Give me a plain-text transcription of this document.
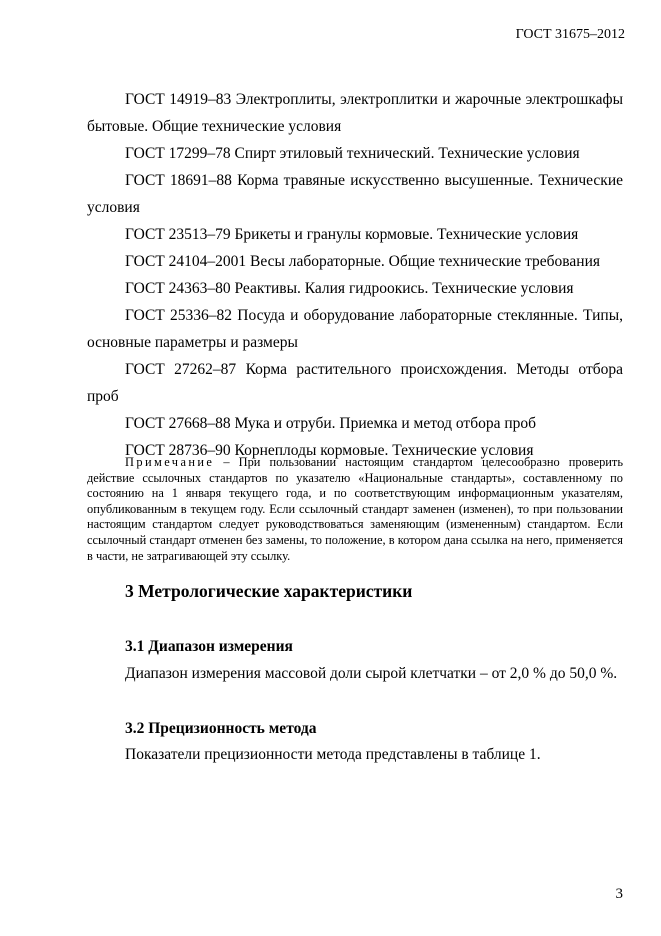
ГОСТ 31675–2012

ГОСТ 14919–83 Электроплиты, электроплитки и жарочные электрошкафы бытовые. Общие технические условия

ГОСТ 17299–78 Спирт этиловый технический. Технические условия

ГОСТ 18691–88 Корма травяные искусственно высушенные. Технические условия

ГОСТ 23513–79 Брикеты и гранулы кормовые. Технические условия

ГОСТ 24104–2001 Весы лабораторные. Общие технические требования

ГОСТ 24363–80 Реактивы. Калия гидроокись. Технические условия

ГОСТ 25336–82 Посуда и оборудование лабораторные стеклянные. Типы, основные параметры и размеры

ГОСТ 27262–87 Корма растительного происхождения. Методы отбора проб

ГОСТ 27668–88 Мука и отруби. Приемка и метод отбора проб

ГОСТ 28736–90 Корнеплоды кормовые. Технические условия

Примечание – При пользовании настоящим стандартом целесообразно проверить действие ссылочных стандартов по указателю «Национальные стандарты», составленному по состоянию на 1 января текущего года, и по соответствующим информационным указателям, опубликованным в текущем году. Если ссылочный стандарт заменен (изменен), то при пользовании настоящим стандартом следует руководствоваться заменяющим (измененным) стандартом. Если ссылочный стандарт отменен без замены, то положение, в котором дана ссылка на него, применяется в части, не затрагивающей эту ссылку.
3 Метрологические характеристики
3.1 Диапазон измерения

Диапазон измерения массовой доли сырой клетчатки – от 2,0 % до 50,0 %.

3.2 Прецизионность метода

Показатели прецизионности метода представлены в таблице 1.

3
